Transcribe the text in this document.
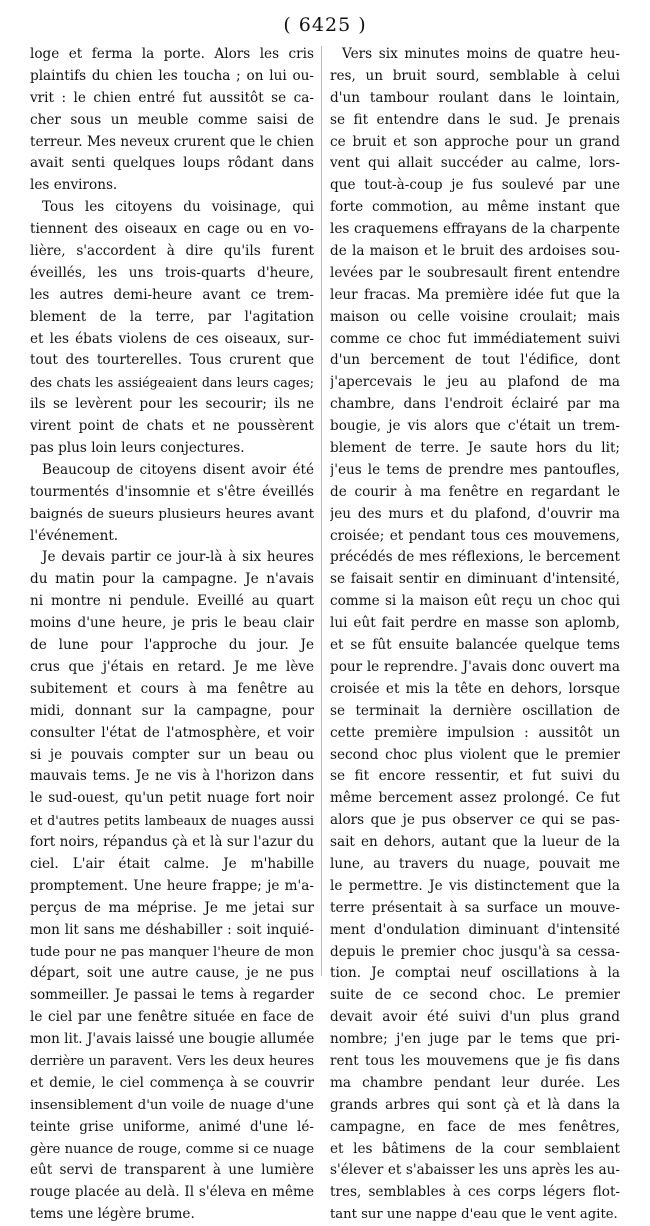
( 6425 )
loge et ferma la porte. Alors les cris
plaintifs du chien les toucha ; on lui ou-
vrit : le chien entré fut aussitôt se ca-
cher sous un meuble comme saisi de
terreur. Mes neveux crurent que le chien
avait senti quelques loups rôdant dans
les environs.
Tous les citoyens du voisinage, qui
tiennent des oiseaux en cage ou en vo-
lière, s'accordent à dire qu'ils furent
éveillés, les uns trois-quarts d'heure,
les autres demi-heure avant ce trem-
blement de la terre, par l'agitation
et les ébats violens de ces oiseaux, sur-
tout des tourterelles. Tous crurent que
des chats les assiégeaient dans leurs cages;
ils se levèrent pour les secourir; ils ne
virent point de chats et ne poussèrent
pas plus loin leurs conjectures.
Beaucoup de citoyens disent avoir été
tourmentés d'insomnie et s'être éveillés
baignés de sueurs plusieurs heures avant
l'événement.
Je devais partir ce jour-là à six heures
du matin pour la campagne. Je n'avais
ni montre ni pendule. Eveillé au quart
moins d'une heure, je pris le beau clair
de lune pour l'approche du jour. Je
crus que j'étais en retard. Je me lève
subitement et cours à ma fenêtre au
midi, donnant sur la campagne, pour
consulter l'état de l'atmosphère, et voir
si je pouvais compter sur un beau ou
mauvais tems. Je ne vis à l'horizon dans
le sud-ouest, qu'un petit nuage fort noir
et d'autres petits lambeaux de nuages aussi
fort noirs, répandus çà et là sur l'azur du
ciel. L'air était calme. Je m'habille
promptement. Une heure frappe; je m'a-
perçus de ma méprise. Je me jetai sur
mon lit sans me déshabiller : soit inquié-
tude pour ne pas manquer l'heure de mon
départ, soit une autre cause, je ne pus
sommeiller. Je passai le tems à regarder
le ciel par une fenêtre située en face de
mon lit. J'avais laissé une bougie allumée
derrière un paravent. Vers les deux heures
et demie, le ciel commença à se couvrir
insensiblement d'un voile de nuage d'une
teinte grise uniforme, animé d'une lé-
gère nuance de rouge, comme si ce nuage
eût servi de transparent à une lumière
rouge placée au delà. Il s'éleva en même
tems une légère brume.
Vers six minutes moins de quatre heu-
res, un bruit sourd, semblable à celui
d'un tambour roulant dans le lointain,
se fit entendre dans le sud. Je prenais
ce bruit et son approche pour un grand
vent qui allait succéder au calme, lors-
que tout-à-coup je fus soulevé par une
forte commotion, au même instant que
les craquemens effrayans de la charpente
de la maison et le bruit des ardoises sou-
levées par le soubresault firent entendre
leur fracas. Ma première idée fut que la
maison ou celle voisine croulait; mais
comme ce choc fut immédiatement suivi
d'un bercement de tout l'édifice, dont
j'apercevais le jeu au plafond de ma
chambre, dans l'endroit éclairé par ma
bougie, je vis alors que c'était un trem-
blement de terre. Je saute hors du lit;
j'eus le tems de prendre mes pantoufles,
de courir à ma fenêtre en regardant le
jeu des murs et du plafond, d'ouvrir ma
croisée; et pendant tous ces mouvemens,
précédés de mes réflexions, le bercement
se faisait sentir en diminuant d'intensité,
comme si la maison eût reçu un choc qui
lui eût fait perdre en masse son aplomb,
et se fût ensuite balancée quelque tems
pour le reprendre. J'avais donc ouvert ma
croisée et mis la tête en dehors, lorsque
se terminait la dernière oscillation de
cette première impulsion : aussitôt un
second choc plus violent que le premier
se fit encore ressentir, et fut suivi du
même bercement assez prolongé. Ce fut
alors que je pus observer ce qui se pas-
sait en dehors, autant que la lueur de la
lune, au travers du nuage, pouvait me
le permettre. Je vis distinctement que la
terre présentait à sa surface un mouve-
ment d'ondulation diminuant d'intensité
depuis le premier choc jusqu'à sa cessa-
tion. Je comptai neuf oscillations à la
suite de ce second choc. Le premier
devait avoir été suivi d'un plus grand
nombre; j'en juge par le tems que pri-
rent tous les mouvemens que je fis dans
ma chambre pendant leur durée. Les
grands arbres qui sont çà et là dans la
campagne, en face de mes fenêtres,
et les bâtimens de la cour semblaient
s'élever et s'abaisser les uns après les au-
tres, semblables à ces corps légers flot-
tant sur une nappe d'eau que le vent agite.
